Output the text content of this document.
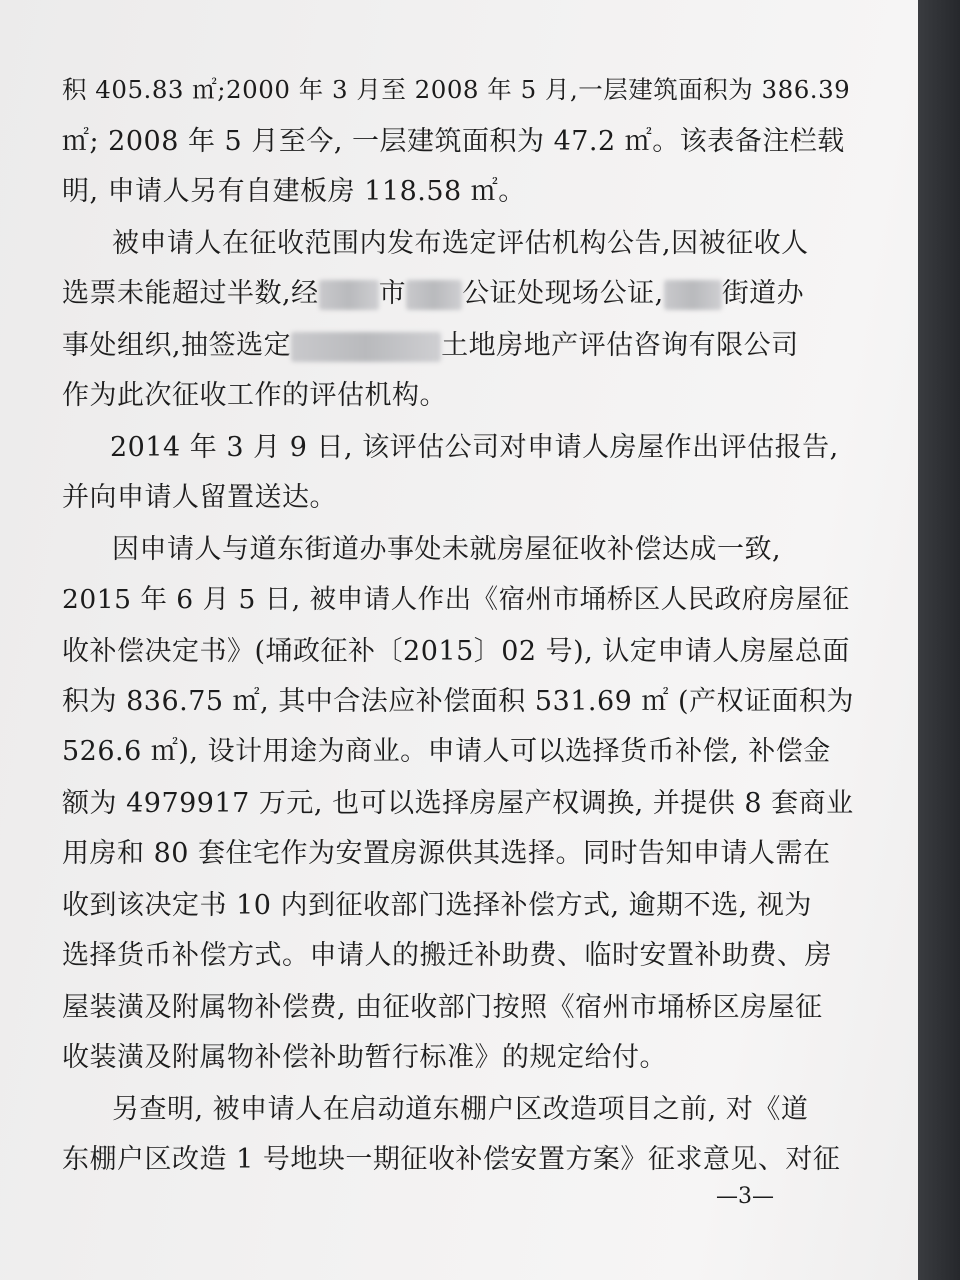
积 405.83 ㎡;2000 年 3 月至 2008 年 5 月,一层建筑面积为 386.39
㎡; 2008 年 5 月至今, 一层建筑面积为 47.2 ㎡。该表备注栏载
明, 申请人另有自建板房 118.58 ㎡。
被申请人在征收范围内发布选定评估机构公告,因被征收人
选票未能超过半数,经 市 公证处现场公证, 街道办
事处组织,抽签选定	土地房地产评估咨询有限公司
作为此次征收工作的评估机构。
2014 年 3 月 9 日, 该评估公司对申请人房屋作出评估报告,
并向申请人留置送达。
因申请人与道东街道办事处未就房屋征收补偿达成一致,
2015 年 6 月 5 日, 被申请人作出《宿州市埇桥区人民政府房屋征
收补偿决定书》(埇政征补〔2015〕02 号), 认定申请人房屋总面
积为 836.75 ㎡, 其中合法应补偿面积 531.69 ㎡ (产权证面积为
526.6 ㎡), 设计用途为商业。申请人可以选择货币补偿, 补偿金
额为 4979917 万元, 也可以选择房屋产权调换, 并提供 8 套商业
用房和 80 套住宅作为安置房源供其选择。同时告知申请人需在
收到该决定书 10 内到征收部门选择补偿方式, 逾期不选, 视为
选择货币补偿方式。申请人的搬迁补助费、临时安置补助费、房
屋装潢及附属物补偿费, 由征收部门按照《宿州市埇桥区房屋征
收装潢及附属物补偿补助暂行标准》的规定给付。
另查明, 被申请人在启动道东棚户区改造项目之前, 对《道
东棚户区改造 1 号地块一期征收补偿安置方案》征求意见、对征
—3—
